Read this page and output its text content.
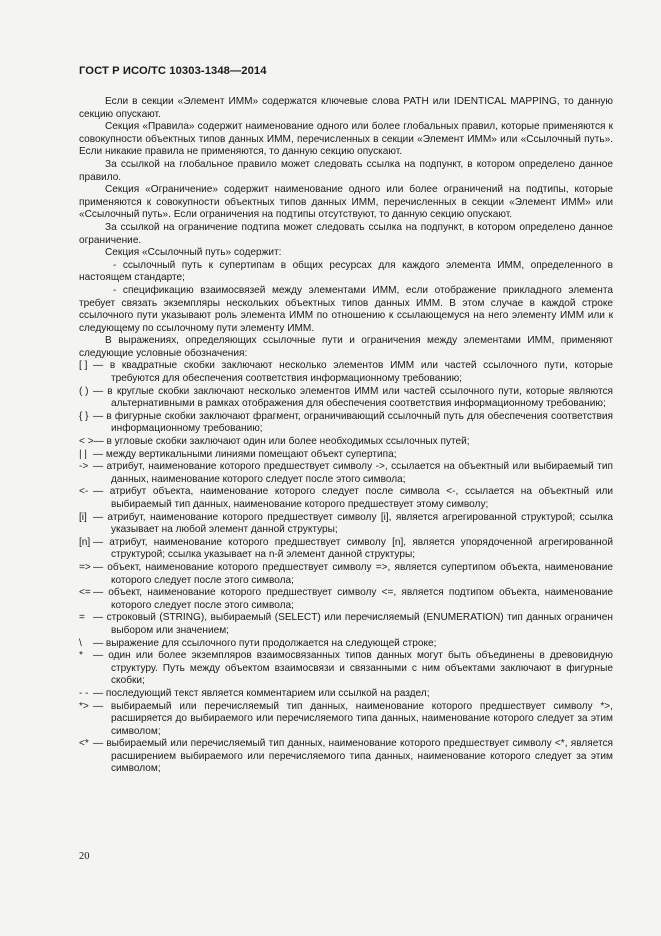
ГОСТ Р ИСО/ТС 10303-1348—2014

Если в секции «Элемент ИММ» содержатся ключевые слова PATH или IDENTICAL MAPPING, то данную секцию опускают.

Секция «Правила» содержит наименование одного или более глобальных правил, которые применяются к совокупности объектных типов данных ИММ, перечисленных в секции «Элемент ИММ» или «Ссылочный путь». Если никакие правила не применяются, то данную секцию опускают.

За ссылкой на глобальное правило может следовать ссылка на подпункт, в котором определено данное правило.

Секция «Ограничение» содержит наименование одного или более ограничений на подтипы, которые применяются к совокупности объектных типов данных ИММ, перечисленных в секции «Элемент ИММ» или «Ссылочный путь». Если ограничения на подтипы отсутствуют, то данную секцию опускают.

За ссылкой на ограничение подтипа может следовать ссылка на подпункт, в котором определено данное ограничение.

Секция «Ссылочный путь» содержит:

- ссылочный путь к супертипам в общих ресурсах для каждого элемента ИММ, определенного в настоящем стандарте;

- спецификацию взаимосвязей между элементами ИММ, если отображение прикладного элемента требует связать экземпляры нескольких объектных типов данных ИММ. В этом случае в каждой строке ссылочного пути указывают роль элемента ИММ по отношению к ссылающемуся на него элементу ИММ или к следующему по ссылочному пути элементу ИММ.

В выражениях, определяющих ссылочные пути и ограничения между элементами ИММ, применяют следующие условные обозначения:

[ ] — в квадратные скобки заключают несколько элементов ИММ или частей ссылочного пути, которые требуются для обеспечения соответствия информационному требованию;
( ) — в круглые скобки заключают несколько элементов ИММ или частей ссылочного пути, которые являются альтернативными в рамках отображения для обеспечения соответствия информационному требованию;
{ } — в фигурные скобки заключают фрагмент, ограничивающий ссылочный путь для обеспечения соответствия информационному требованию;
< > — в угловые скобки заключают один или более необходимых ссылочных путей;
| | — между вертикальными линиями помещают объект супертипа;
-> — атрибут, наименование которого предшествует символу ->, ссылается на объектный или выбираемый тип данных, наименование которого следует после этого символа;
<- — атрибут объекта, наименование которого следует после символа <-, ссылается на объектный или выбираемый тип данных, наименование которого предшествует этому символу;
[i] — атрибут, наименование которого предшествует символу [i], является агрегированной структурой; ссылка указывает на любой элемент данной структуры;
[n] — атрибут, наименование которого предшествует символу [n], является упорядоченной агрегированной структурой; ссылка указывает на n-й элемент данной структуры;
=> — объект, наименование которого предшествует символу =>, является супертипом объекта, наименование которого следует после этого символа;
<= — объект, наименование которого предшествует символу <=, является подтипом объекта, наименование которого следует после этого символа;
= — строковый (STRING), выбираемый (SELECT) или перечисляемый (ENUMERATION) тип данных ограничен выбором или значением;
\	— выражение для ссылочного пути продолжается на следующей строке;
* — один или более экземпляров взаимосвязанных типов данных могут быть объединены в древовидную структуру. Путь между объектом взаимосвязи и связанными с ним объектами заключают в фигурные скобки;
- - — последующий текст является комментарием или ссылкой на раздел;
*> — выбираемый или перечисляемый тип данных, наименование которого предшествует символу *>, расширяется до выбираемого или перечисляемого типа данных, наименование которого следует за этим символом;
<* — выбираемый или перечисляемый тип данных, наименование которого предшествует символу <*, является расширением выбираемого или перечисляемого типа данных, наименование которого следует за этим символом;
20
